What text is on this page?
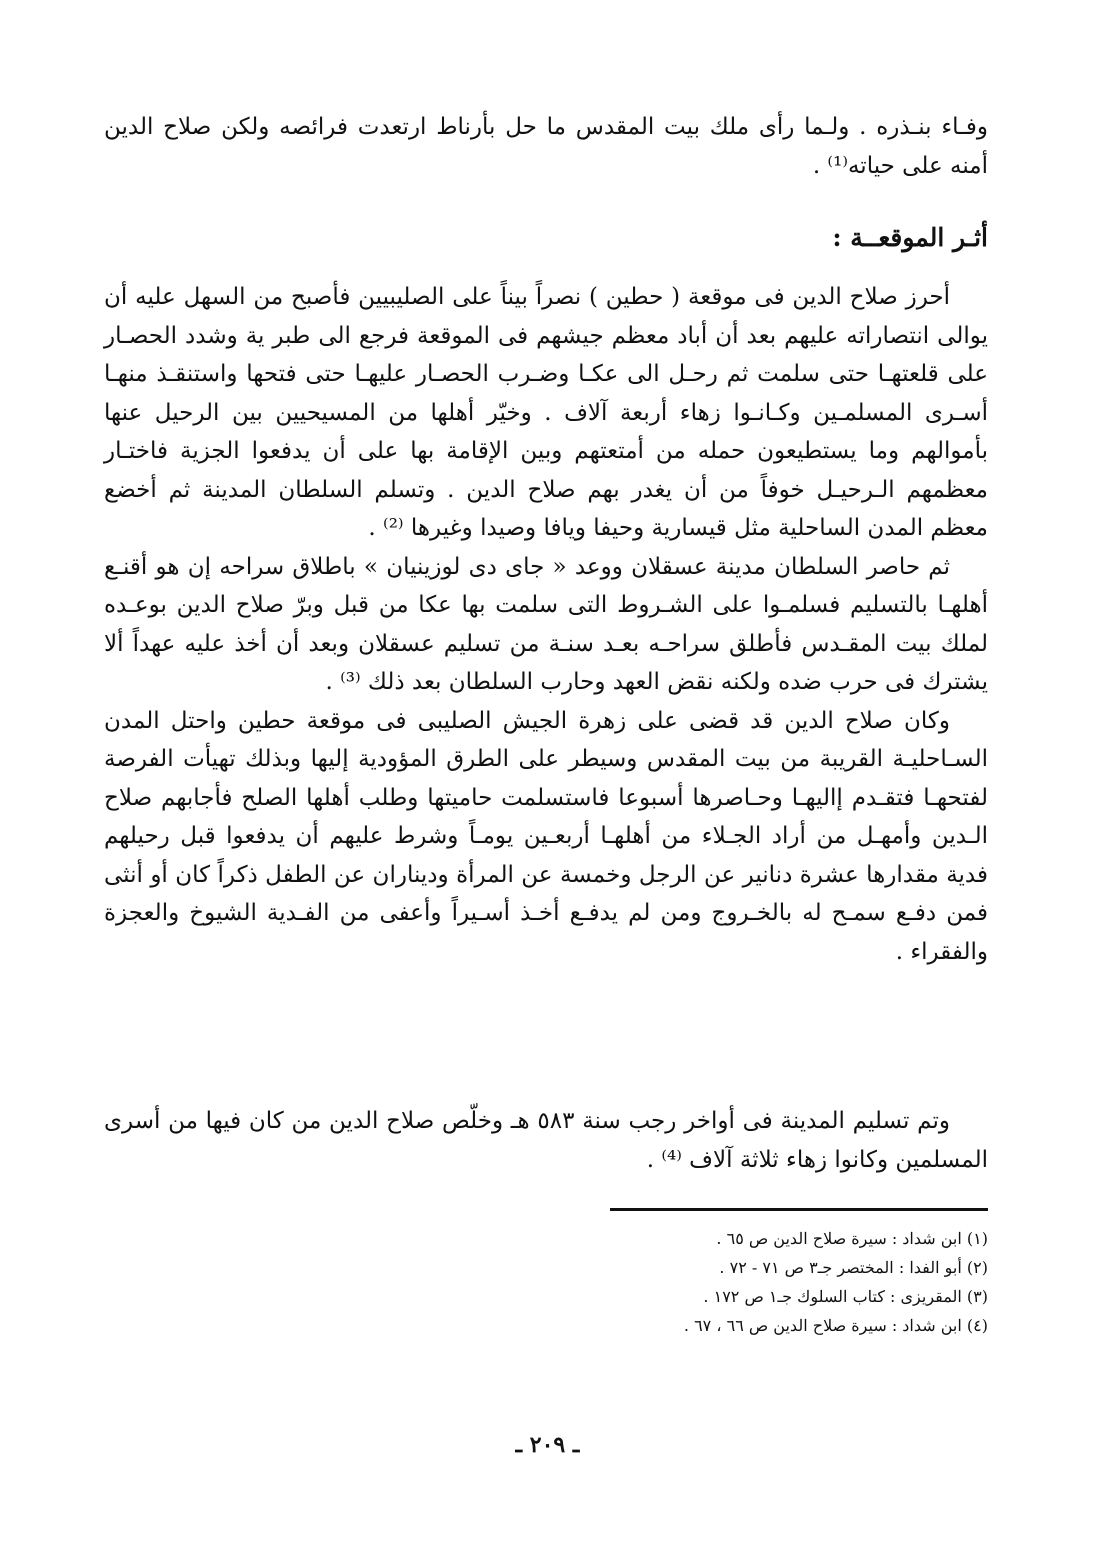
وفـاء بنـذره . ولـما رأى ملك بيت المقدس ما حل بأرناط ارتعدت فرائصه ولكن صلاح الدين أمنه على حياته⁽¹⁾ .

أثـر الموقعــة :

أحرز صلاح الدين فى موقعة ( حطين ) نصراً بيناً على الصليبيين فأصبح من السهل عليه أن يوالى انتصاراته عليهم بعد أن أباد معظم جيشهم فى الموقعة فرجع الى طبر ية وشدد الحصـار على قلعتهـا حتى سلمت ثم رحـل الى عكـا وضـرب الحصـار عليهـا حتى فتحها واستنقـذ منهـا أسـرى المسلمـين وكـانـوا زهاء أربعة آلاف . وخيّر أهلها من المسيحيين بين الرحيل عنها بأموالهم وما يستطيعون حمله من أمتعتهم وبين الإقامة بها على أن يدفعوا الجزية فاختـار معظمهم الـرحيـل خوفاً من أن يغدر بهم صلاح الدين . وتسلم السلطان المدينة ثم أخضع معظم المدن الساحلية مثل قيسارية وحيفا ويافا وصيدا وغيرها ⁽²⁾ .

ثم حاصر السلطان مدينة عسقلان ووعد « جاى دى لوزينيان » باطلاق سراحه إن هو أقنـع أهلهـا بالتسليم فسلمـوا على الشـروط التى سلمت بها عكا من قبل وبرّ صلاح الدين بوعـده لملك بيت المقـدس فأطلق سراحـه بعـد سنـة من تسليم عسقلان وبعد أن أخذ عليه عهداً ألا يشترك فى حرب ضده ولكنه نقض العهد وحارب السلطان بعد ذلك ⁽³⁾ .

وكان صلاح الدين قد قضى على زهرة الجيش الصليبى فى موقعة حطين واحتل المدن السـاحليـة القريبة من بيت المقدس وسيطر على الطرق المؤودية إليها وبذلك تهيأت الفرصة لفتحهـا فتقـدم إاليهـا وحـاصرها أسبوعا فاستسلمت حاميتها وطلب أهلها الصلح فأجابهم صلاح الـدين وأمهـل من أراد الجـلاء من أهلهـا أربعـين يومـاً وشرط عليهم أن يدفعوا قبل رحيلهم فدية مقدارها عشرة دنانير عن الرجل وخمسة عن المرأة وديناران عن الطفل ذكراً كان أو أنثى فمن دفـع سمـح له بالخـروج ومن لم يدفـع أخـذ أسـيراً وأعفى من الفـدية الشيوخ والعجزة والفقراء .

وتم تسليم المدينة فى أواخر رجب سنة ٥٨٣ هـ وخلّص صلاح الدين من كان فيها من أسرى المسلمين وكانوا زهاء ثلاثة آلاف ⁽⁴⁾ .

(١) ابن شداد : سيرة صلاح الدين ص ٦٥ .
(٢) أبو الفدا : المختصر جـ٣ ص ٧١ - ٧٢ .
(٣) المقريزى : كتاب السلوك جـ١ ص ١٧٢ .
(٤) ابن شداد : سيرة صلاح الدين ص ٦٦ ، ٦٧ .
ـ ٢٠٩ ـ
